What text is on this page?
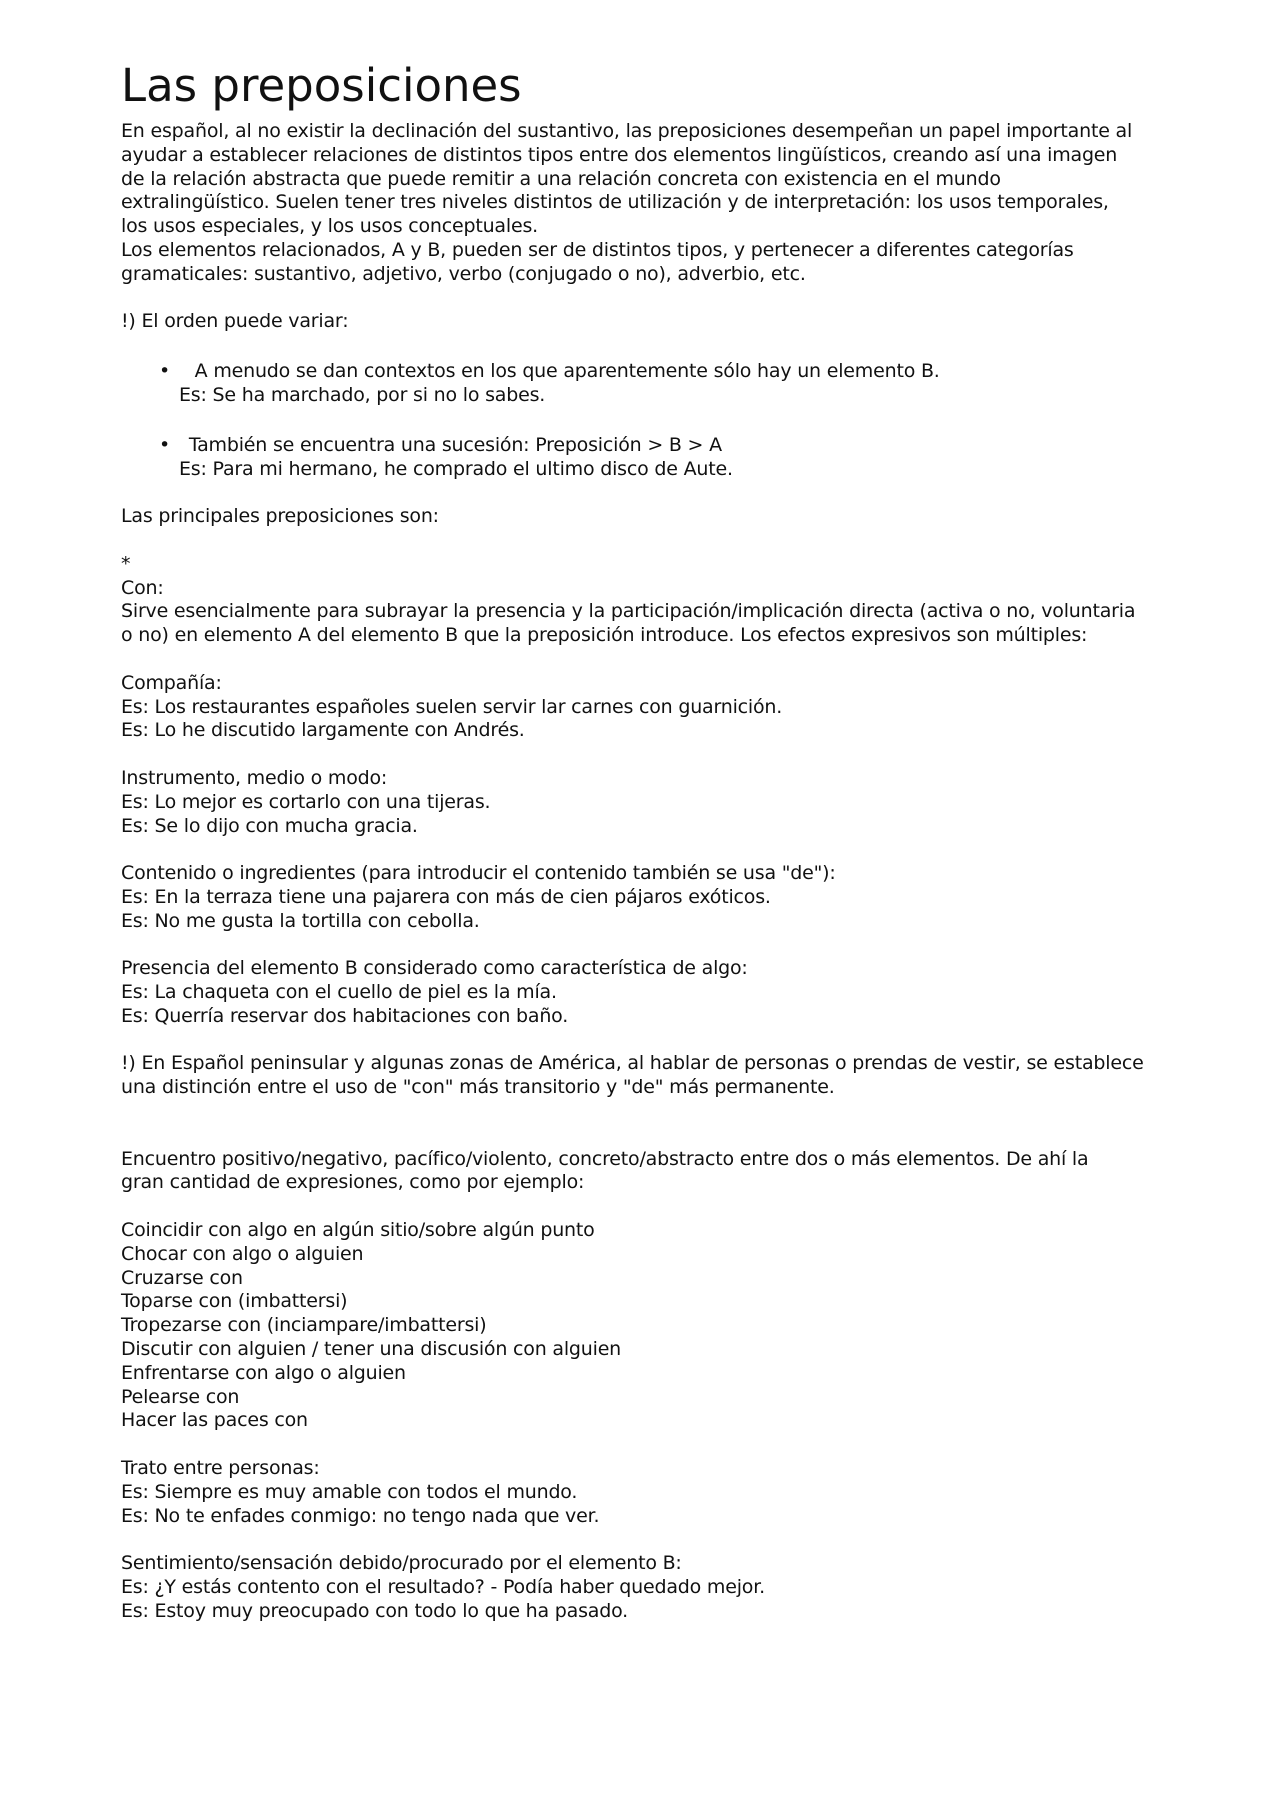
Las preposiciones
En español, al no existir la declinación del sustantivo, las preposiciones desempeñan un papel importante al
ayudar a establecer relaciones de distintos tipos entre dos elementos lingüísticos, creando así una imagen
de la relación abstracta que puede remitir a una relación concreta con existencia en el mundo
extralingüístico. Suelen tener tres niveles distintos de utilización y de interpretación: los usos temporales,
los usos especiales, y los usos conceptuales.
Los elementos relacionados, A y B, pueden ser de distintos tipos, y pertenecer a diferentes categorías
gramaticales: sustantivo, adjetivo, verbo (conjugado o no), adverbio, etc.
!) El orden puede variar:
•  A menudo se dan contextos en los que aparentemente sólo hay un elemento B.
Es: Se ha marchado, por si no lo sabes.
• También se encuentra una sucesión: Preposición > B > A
Es: Para mi hermano, he comprado el ultimo disco de Aute.
Las principales preposiciones son:
*
Con:
Sirve esencialmente para subrayar la presencia y la participación/implicación directa (activa o no, voluntaria
o no) en elemento A del elemento B que la preposición introduce. Los efectos expresivos son múltiples:
Compañía:
Es: Los restaurantes españoles suelen servir lar carnes con guarnición.
Es: Lo he discutido largamente con Andrés.
Instrumento, medio o modo:
Es: Lo mejor es cortarlo con una tijeras.
Es: Se lo dijo con mucha gracia.
Contenido o ingredientes (para introducir el contenido también se usa "de"):
Es: En la terraza tiene una pajarera con más de cien pájaros exóticos.
Es: No me gusta la tortilla con cebolla.
Presencia del elemento B considerado como característica de algo:
Es: La chaqueta con el cuello de piel es la mía.
Es: Querría reservar dos habitaciones con baño.
!) En Español peninsular y algunas zonas de América, al hablar de personas o prendas de vestir, se establece
una distinción entre el uso de "con" más transitorio y "de" más permanente.
Encuentro positivo/negativo, pacífico/violento, concreto/abstracto entre dos o más elementos. De ahí la
gran cantidad de expresiones, como por ejemplo:
Coincidir con algo en algún sitio/sobre algún punto
Chocar con algo o alguien
Cruzarse con
Toparse con (imbattersi)
Tropezarse con (inciampare/imbattersi)
Discutir con alguien / tener una discusión con alguien
Enfrentarse con algo o alguien
Pelearse con
Hacer las paces con
Trato entre personas:
Es: Siempre es muy amable con todos el mundo.
Es: No te enfades conmigo: no tengo nada que ver.
Sentimiento/sensación debido/procurado por el elemento B:
Es: ¿Y estás contento con el resultado? - Podía haber quedado mejor.
Es: Estoy muy preocupado con todo lo que ha pasado.
